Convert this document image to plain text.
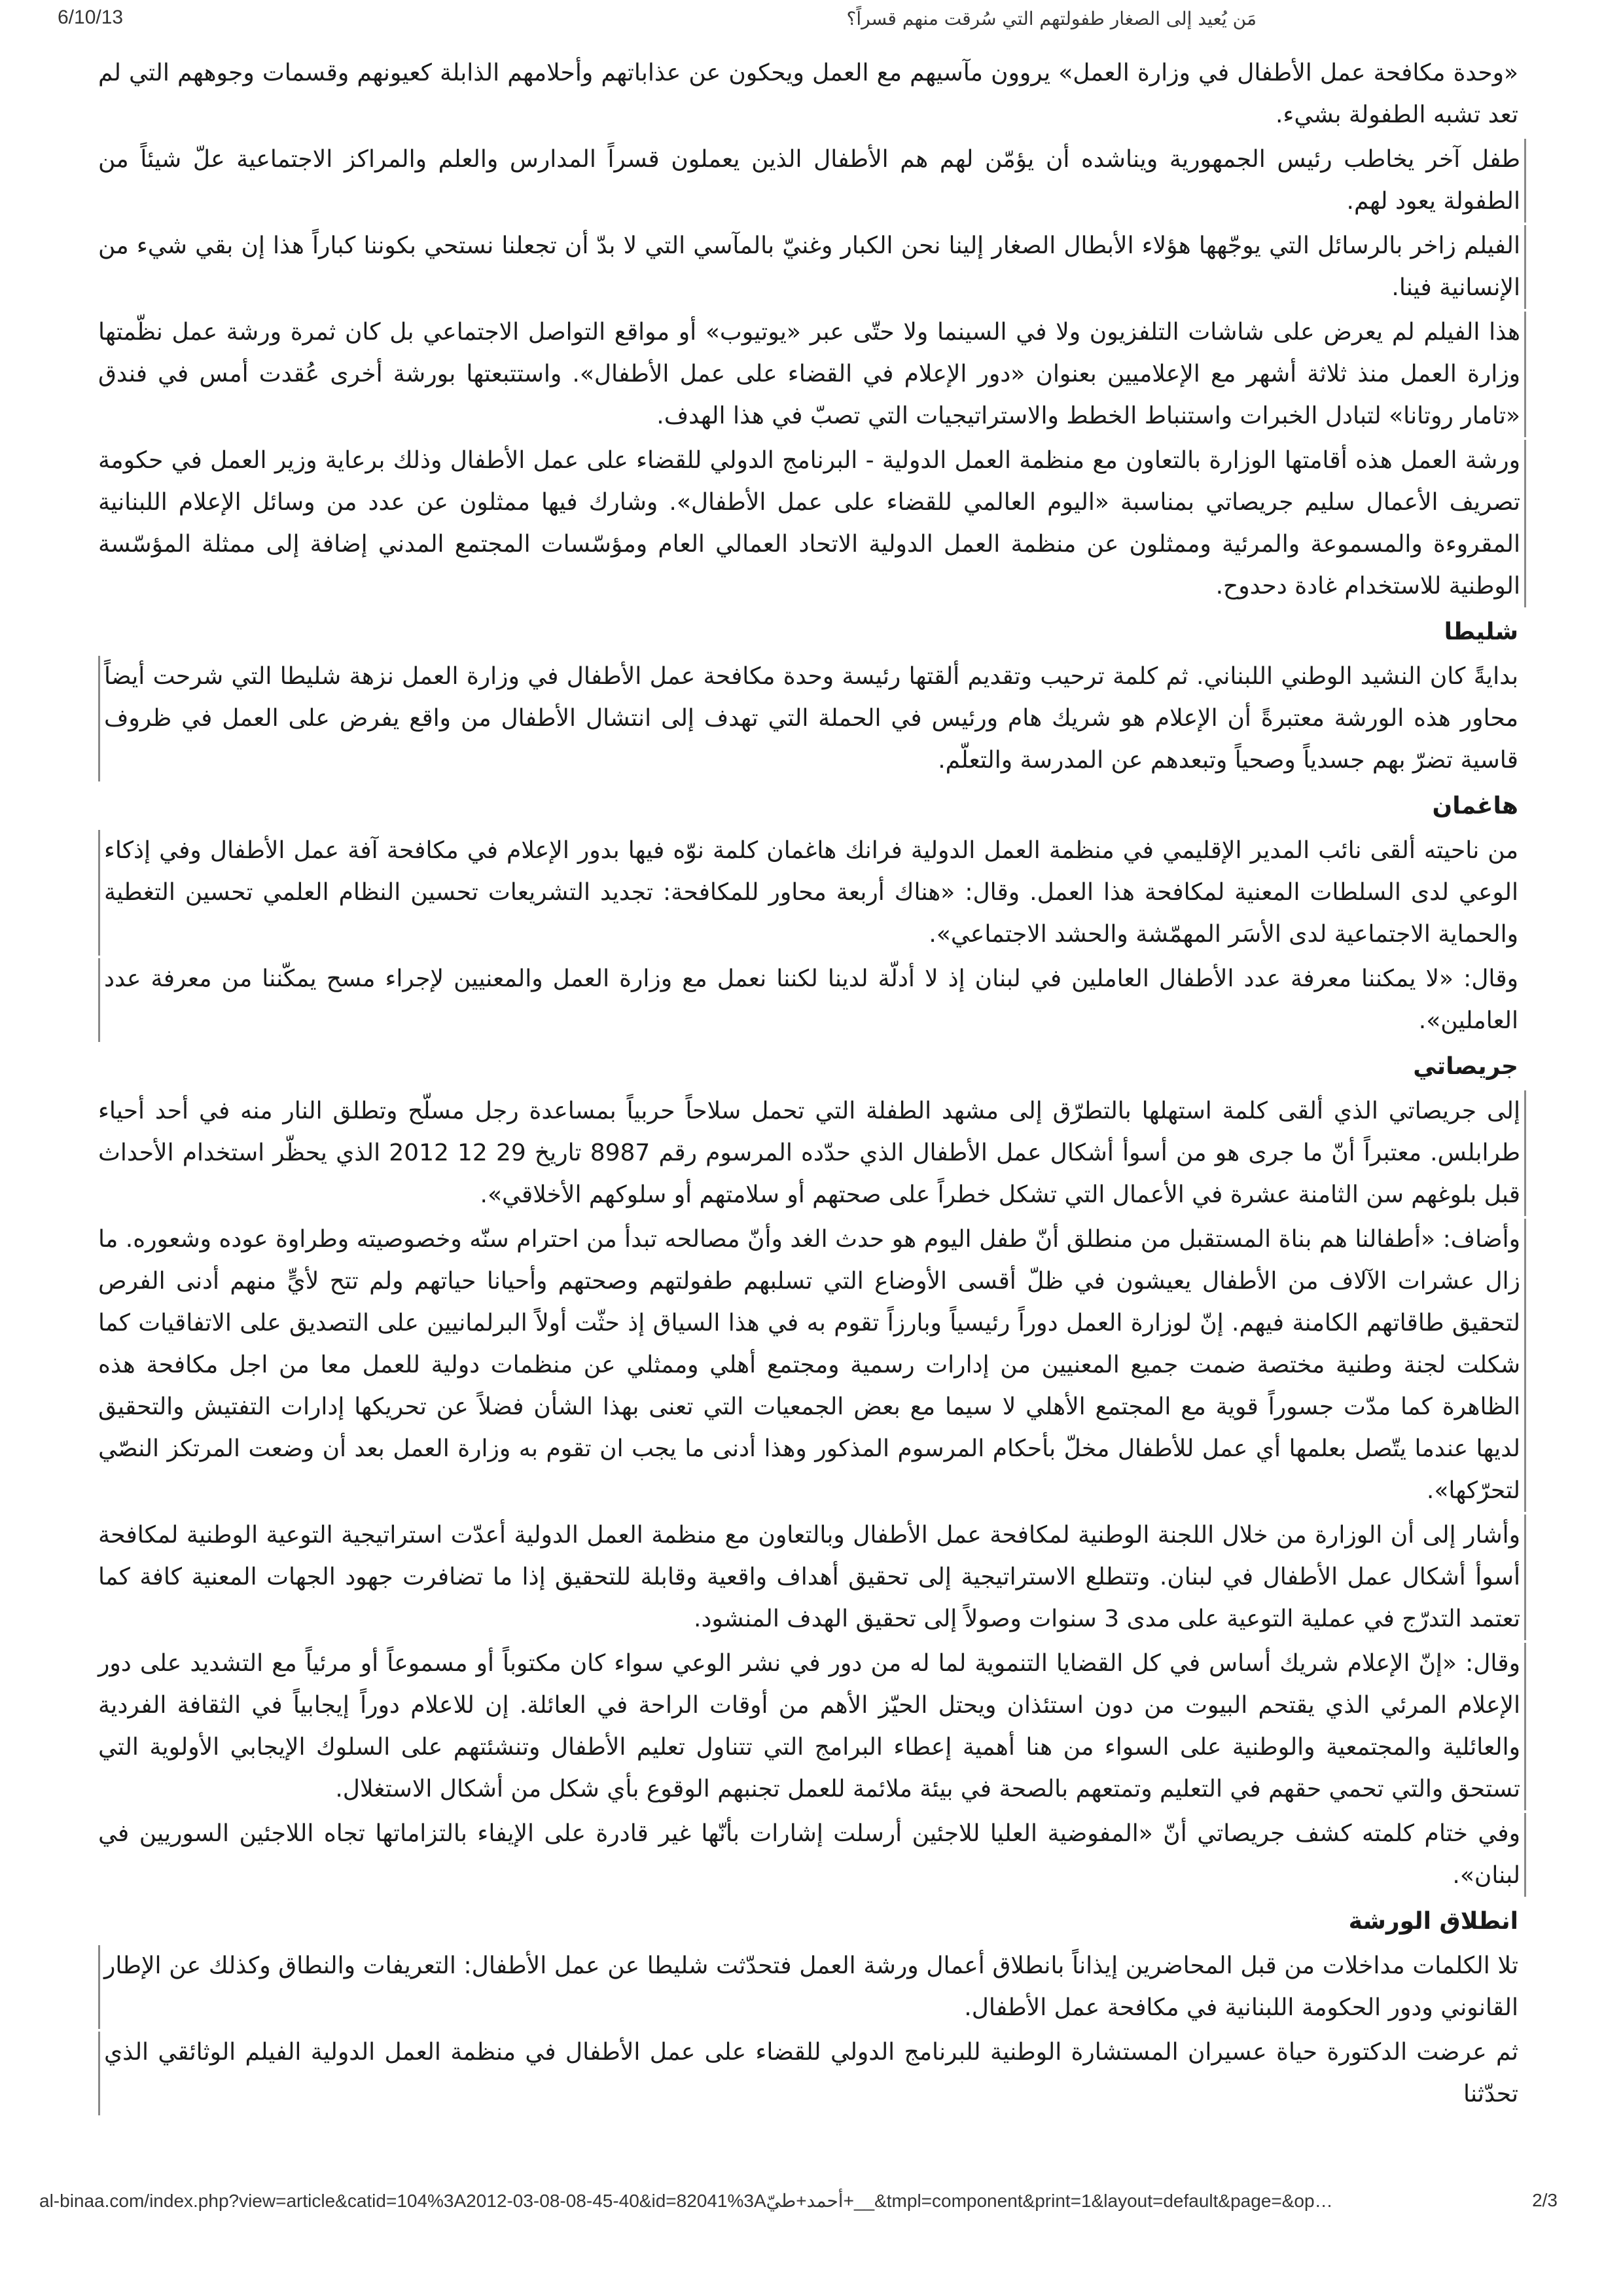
6/10/13	مَن يُعيد إلى الصغار طفولتهم التي سُرقت منهم قسراً؟

«وحدة مكافحة عمل الأطفال في وزارة العمل» يروون مآسيهم مع العمل ويحكون عن عذاباتهم وأحلامهم الذابلة كعيونهم وقسمات وجوههم التي لم تعد تشبه الطفولة بشيء.

طفل آخر يخاطب رئيس الجمهورية ويناشده أن يؤمّن لهم هم الأطفال الذين يعملون قسراً المدارس والعلم والمراكز الاجتماعية علّ شيئاً من الطفولة يعود لهم.

الفيلم زاخر بالرسائل التي يوجّهها هؤلاء الأبطال الصغار إلينا نحن الكبار وغنيّ بالمآسي التي لا بدّ أن تجعلنا نستحي بكوننا كباراً هذا إن بقي شيء من الإنسانية فينا.

هذا الفيلم لم يعرض على شاشات التلفزيون ولا في السينما ولا حتّى عبر «يوتيوب» أو مواقع التواصل الاجتماعي بل كان ثمرة ورشة عمل نظّمتها وزارة العمل منذ ثلاثة أشهر مع الإعلاميين بعنوان «دور الإعلام في القضاء على عمل الأطفال». واستتبعتها بورشة أخرى عُقدت أمس في فندق «تامار روتانا» لتبادل الخبرات واستنباط الخطط والاستراتيجيات التي تصبّ في هذا الهدف.

ورشة العمل هذه أقامتها الوزارة بالتعاون مع منظمة العمل الدولية - البرنامج الدولي للقضاء على عمل الأطفال وذلك برعاية وزير العمل في حكومة تصريف الأعمال سليم جريصاتي بمناسبة «اليوم العالمي للقضاء على عمل الأطفال». وشارك فيها ممثلون عن عدد من وسائل الإعلام اللبنانية المقروءة والمسموعة والمرئية وممثلون عن منظمة العمل الدولية الاتحاد العمالي العام ومؤسّسات المجتمع المدني إضافة إلى ممثلة المؤسّسة الوطنية للاستخدام غادة دحدوح.

شليطا

بدايةً كان النشيد الوطني اللبناني. ثم كلمة ترحيب وتقديم ألقتها رئيسة وحدة مكافحة عمل الأطفال في وزارة العمل نزهة شليطا التي شرحت أيضاً محاور هذه الورشة معتبرةً أن الإعلام هو شريك هام ورئيس في الحملة التي تهدف إلى انتشال الأطفال من واقع يفرض على العمل في ظروف قاسية تضرّ بهم جسدياً وصحياً وتبعدهم عن المدرسة والتعلّم.

هاغمان

من ناحيته ألقى نائب المدير الإقليمي في منظمة العمل الدولية فرانك هاغمان كلمة نوّه فيها بدور الإعلام في مكافحة آفة عمل الأطفال وفي إذكاء الوعي لدى السلطات المعنية لمكافحة هذا العمل. وقال: «هناك أربعة محاور للمكافحة: تجديد التشريعات تحسين النظام العلمي تحسين التغطية والحماية الاجتماعية لدى الأسَر المهمّشة والحشد الاجتماعي».

وقال: «لا يمكننا معرفة عدد الأطفال العاملين في لبنان إذ لا أدلّة لدينا لكننا نعمل مع وزارة العمل والمعنيين لإجراء مسح يمكّننا من معرفة عدد العاملين».

جريصاتي

إلى جريصاتي الذي ألقى كلمة استهلها بالتطرّق إلى مشهد الطفلة التي تحمل سلاحاً حربياً بمساعدة رجل مسلّح وتطلق النار منه في أحد أحياء طرابلس. معتبراً أنّ ما جرى هو من أسوأ أشكال عمل الأطفال الذي حدّده المرسوم رقم 8987 تاريخ 29 12 2012 الذي يحظّر استخدام الأحداث قبل بلوغهم سن الثامنة عشرة في الأعمال التي تشكل خطراً على صحتهم أو سلامتهم أو سلوكهم الأخلاقي».

وأضاف: «أطفالنا هم بناة المستقبل من منطلق أنّ طفل اليوم هو حدث الغد وأنّ مصالحه تبدأ من احترام سنّه وخصوصيته وطراوة عوده وشعوره. ما زال عشرات الآلاف من الأطفال يعيشون في ظلّ أقسى الأوضاع التي تسلبهم طفولتهم وصحتهم وأحيانا حياتهم ولم تتح لأيٍّ منهم أدنى الفرص لتحقيق طاقاتهم الكامنة فيهم. إنّ لوزارة العمل دوراً رئيسياً وبارزاً تقوم به في هذا السياق إذ حثّت أولاًً البرلمانيين على التصديق على الاتفاقيات كما شكلت لجنة وطنية مختصة ضمت جميع المعنيين من إدارات رسمية ومجتمع أهلي وممثلي عن منظمات دولية للعمل معا من اجل مكافحة هذه الظاهرة كما مدّت جسوراً قوية مع المجتمع الأهلي لا سيما مع بعض الجمعيات التي تعنى بهذا الشأن فضلاً عن تحريكها إدارات التفتيش والتحقيق لديها عندما يتّصل بعلمها أي عمل للأطفال مخلّ بأحكام المرسوم المذكور وهذا أدنى ما يجب ان تقوم به وزارة العمل بعد أن وضعت المرتكز النصّي لتحرّكها».

وأشار إلى أن الوزارة من خلال اللجنة الوطنية لمكافحة عمل الأطفال وبالتعاون مع منظمة العمل الدولية أعدّت استراتيجية التوعية الوطنية لمكافحة أسوأ أشكال عمل الأطفال في لبنان. وتتطلع الاستراتيجية إلى تحقيق أهداف واقعية وقابلة للتحقيق إذا ما تضافرت جهود الجهات المعنية كافة كما تعتمد التدرّج في عملية التوعية على مدى 3 سنوات وصولاً إلى تحقيق الهدف المنشود.

وقال: «إنّ الإعلام شريك أساس في كل القضايا التنموية لما له من دور في نشر الوعي سواء كان مكتوباً أو مسموعاً أو مرئياً مع التشديد على دور الإعلام المرئي الذي يقتحم البيوت من دون استئذان ويحتل الحيّز الأهم من أوقات الراحة في العائلة. إن للاعلام دوراً إيجابياً في الثقافة الفردية والعائلية والمجتمعية والوطنية على السواء من هنا أهمية إعطاء البرامج التي تتناول تعليم الأطفال وتنشئتهم على السلوك الإيجابي الأولوية التي تستحق والتي تحمي حقهم في التعليم وتمتعهم بالصحة في بيئة ملائمة للعمل تجنبهم الوقوع بأي شكل من أشكال الاستغلال.

وفي ختام كلمته كشف جريصاتي أنّ «المفوضية العليا للاجئين أرسلت إشارات بأنّها غير قادرة على الإيفاء بالتزاماتها تجاه اللاجئين السوريين في لبنان».

انطلاق الورشة

تلا الكلمات مداخلات من قبل المحاضرين إيذاناً بانطلاق أعمال ورشة العمل فتحدّثت شليطا عن عمل الأطفال: التعريفات والنطاق وكذلك عن الإطار القانوني ودور الحكومة اللبنانية في مكافحة عمل الأطفال.

ثم عرضت الدكتورة حياة عسيران المستشارة الوطنية للبرنامج الدولي للقضاء على عمل الأطفال في منظمة العمل الدولية الفيلم الوثائقي الذي تحدّثنا

al-binaa.com/index.php?view=article&catid=104%3A2012-03-08-08-45-40&id=82041%3Aأحمد+طيّ+__&tmpl=component&print=1&layout=default&page=&op…	2/3
